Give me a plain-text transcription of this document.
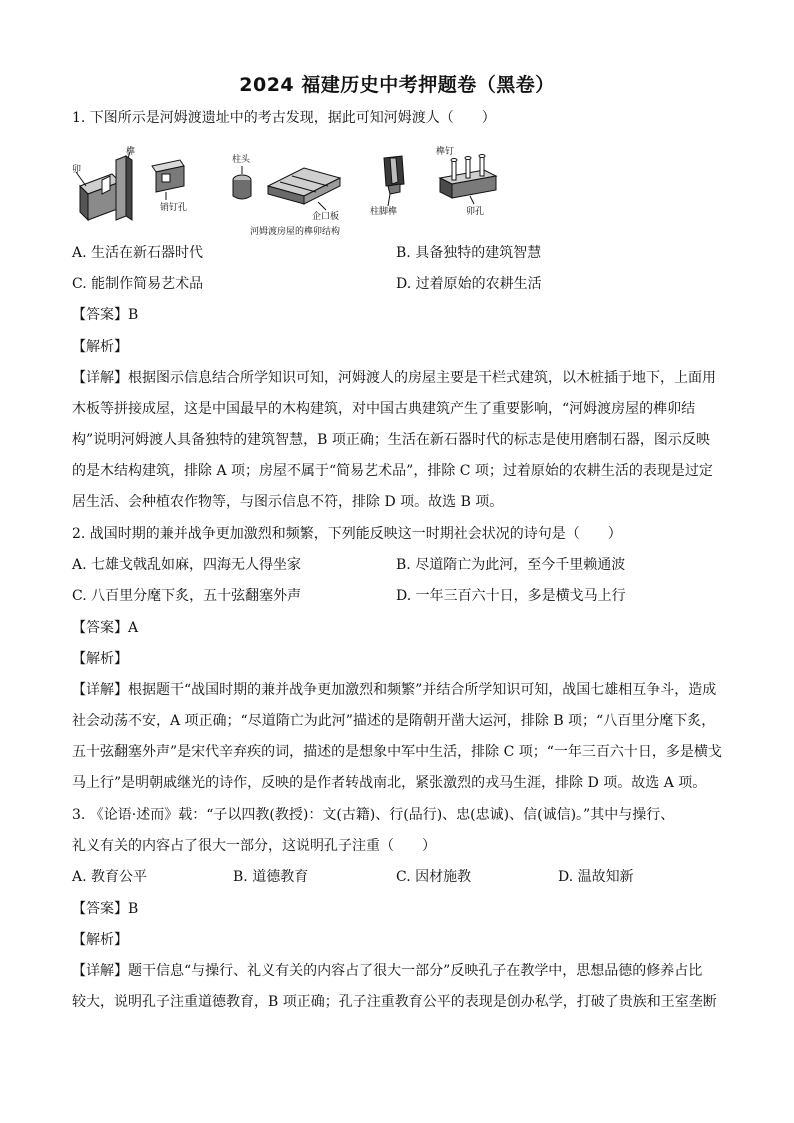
2024 福建历史中考押题卷（黑卷）
1. 下图所示是河姆渡遗址中的考古发现，据此可知河姆渡人（　　）
卯
榫
销钉孔
柱头
企口板
河姆渡房屋的榫卯结构
柱脚榫
榫钉
卯孔
A. 生活在新石器时代	B. 具备独特的建筑智慧
C. 能制作简易艺术品	D. 过着原始的农耕生活
【答案】B
【解析】
【详解】根据图示信息结合所学知识可知，河姆渡人的房屋主要是干栏式建筑，以木桩插于地下，上面用
木板等拼接成屋，这是中国最早的木构建筑，对中国古典建筑产生了重要影响，“河姆渡房屋的榫卯结
构”说明河姆渡人具备独特的建筑智慧，B 项正确；生活在新石器时代的标志是使用磨制石器，图示反映
的是木结构建筑，排除 A 项；房屋不属于“简易艺术品”，排除 C 项；过着原始的农耕生活的表现是过定
居生活、会种植农作物等，与图示信息不符，排除 D 项。故选 B 项。
2. 战国时期的兼并战争更加激烈和频繁，下列能反映这一时期社会状况的诗句是（　　）
A. 七雄戈戟乱如麻，四海无人得坐家	B. 尽道隋亡为此河，至今千里赖通波
C. 八百里分麾下炙，五十弦翻塞外声	D. 一年三百六十日，多是横戈马上行
【答案】A
【解析】
【详解】根据题干“战国时期的兼并战争更加激烈和频繁”并结合所学知识可知，战国七雄相互争斗，造成
社会动荡不安，A 项正确；“尽道隋亡为此河”描述的是隋朝开凿大运河，排除 B 项；“八百里分麾下炙，
五十弦翻塞外声”是宋代辛弃疾的词，描述的是想象中军中生活，排除 C 项；“一年三百六十日，多是横戈
马上行”是明朝戚继光的诗作，反映的是作者转战南北，紧张激烈的戎马生涯，排除 D 项。故选 A 项。
3. 《论语·述而》载：“子以四教(教授)：文(古籍)、行(品行)、忠(忠诚)、信(诚信)。”其中与操行、
礼义有关的内容占了很大一部分，这说明孔子注重（　　）
A. 教育公平	B. 道德教育	C. 因材施教	D. 温故知新
【答案】B
【解析】
【详解】题干信息“与操行、礼义有关的内容占了很大一部分”反映孔子在教学中，思想品德的修养占比
较大，说明孔子注重道德教育，B 项正确；孔子注重教育公平的表现是创办私学，打破了贵族和王室垄断
